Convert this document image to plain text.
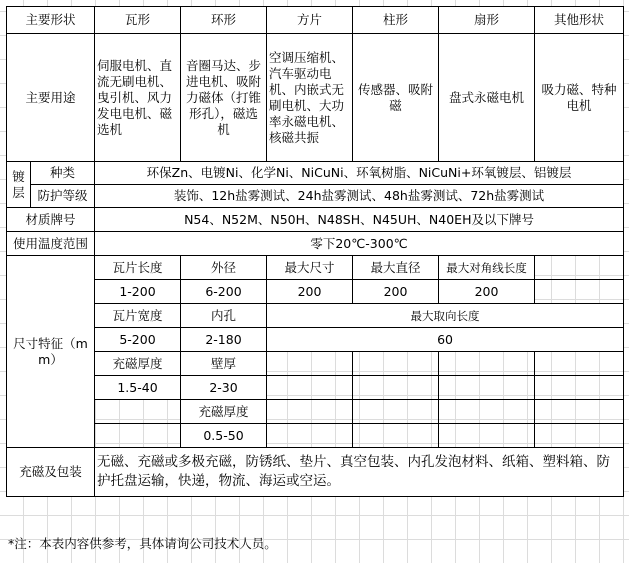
主要形状		瓦形	环形	方片	柱形	扇形	其他形状
主要用途		伺服电机、直流无刷电机、曳引机、风力发电电机、磁选机	音圈马达、步进电机、吸附力磁体（打锥形孔），磁选机	空调压缩机、汽车驱动电机、内嵌式无刷电机、大功率永磁电机、核磁共振	传感器、吸附磁	盘式永磁电机	吸力磁、特种电机
镀层	种类	环保Zn、电镀Ni、化学Ni、NiCuNi、环氧树脂、NiCuNi+环氧镀层、铝镀层					
	防护等级	装饰、12h盐雾测试、24h盐雾测试、48h盐雾测试、72h盐雾测试					
材质牌号		N54、N52M、N50H、N48SH、N45UH、N40EH及以下牌号					
使用温度范围		零下20℃-300℃					
尺寸特征（mm）		瓦片长度	外径	最大尺寸	最大直径	最大对角线长度	
		1-200	6-200	200	200	200	
		瓦片宽度	内孔	最大取向长度			
		5-200	2-180	60			
		充磁厚度	壁厚				
		1.5-40	2-30				
			充磁厚度				
			0.5-50				
充磁及包装		无磁、充磁或多极充磁，防锈纸、垫片、真空包装、内孔发泡材料、纸箱、塑料箱、防护托盘运输，快递，物流、海运或空运。					
*注：本表内容供参考，具体请询公司技术人员。
